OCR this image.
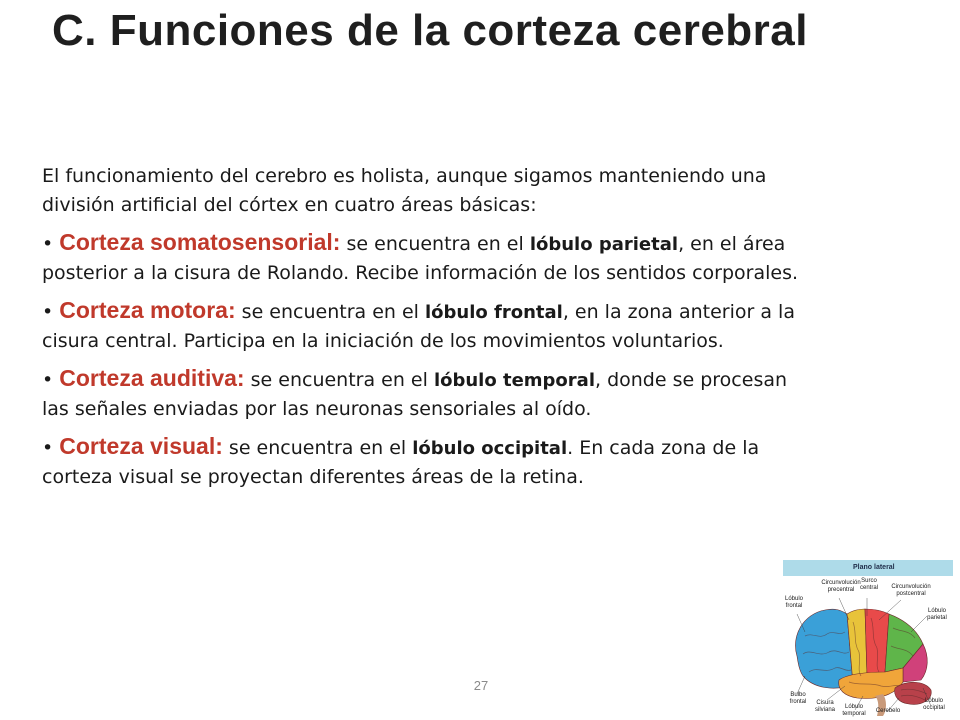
C. Funciones de la corteza cerebral

El funcionamiento del cerebro es holista, aunque sigamos manteniendo una división artificial del córtex en cuatro áreas básicas:

• Corteza somatosensorial: se encuentra en el lóbulo parietal, en el área posterior a la cisura de Rolando. Recibe información de los sentidos corporales.

• Corteza motora: se encuentra en el lóbulo frontal, en la zona anterior a la cisura central. Participa en la iniciación de los movimientos voluntarios.

• Corteza auditiva: se encuentra en el lóbulo temporal, donde se procesan las señales enviadas por las neuronas sensoriales al oído.

• Corteza visual: se encuentra en el lóbulo occipital. En cada zona de la corteza visual se proyectan diferentes áreas de la retina.

27
Plano lateral
Lóbulo
frontal
Circunvolución
precentral
Surco
central	Circunvolución
postcentral
Lóbulo
parietal
Bulbo
frontal	Cisura
silviana	Lóbulo
temporal	Cerebelo
Lóbulo
occipital
